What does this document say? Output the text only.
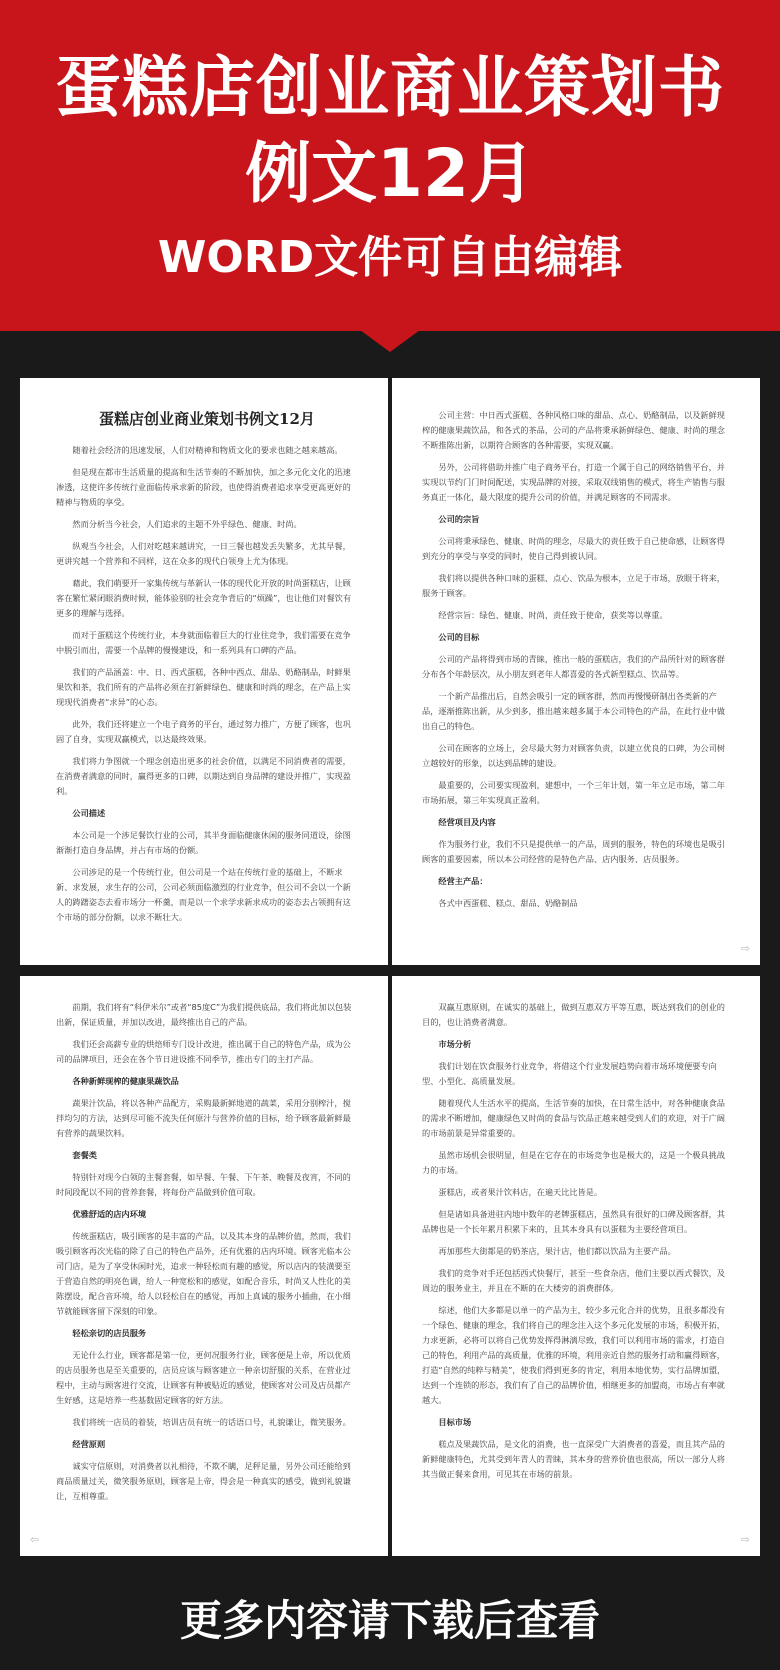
蛋糕店创业商业策划书
例文12月
WORD文件可自由编辑
蛋糕店创业商业策划书例文12月

随着社会经济的迅速发展，人们对精神和物质文化的要求也随之越来越高。

但是现在都市生活质量的提高和生活节奏的不断加快，加之多元化文化的迅速渗透，这使许多传统行业面临传承求新的阶段，也使得消费者追求享受更高更好的精神与物质的享受。

然而分析当今社会，人们追求的主题不外乎绿色、健康、时尚。

纵观当今社会，人们对吃越来越讲究，一日三餐也越发丢失繁多，尤其早餐，更讲究越一个营养和不同样，这在众多的现代白领身上尤为体现。

藉此，我们萌要开一家集传统与革新认一体的现代化开放的时尚蛋糕店，让顾客在繁忙紧闭眼消费时候，能体验别的社会竞争背后的“烦躁”，也让他们对餐饮有更多的理解与选择。

而对于蛋糕这个传统行业，本身就面临着巨大的行业往竞争，我们需要在竞争中脱引而出，需要一个品牌的慢慢建设，和一系列具有口碑的产品。

我们的产品涵盖：中、日、西式蛋糕，各种中西点、甜品、奶酪制品，时鲜果果饮和茶，我们所有的产品将必须在打新鲜绿色、健康和时尚的理念，在产品上实现现代消费者“求异”的心态。

此外，我们还将建立一个电子商务的平台，通过努力推广，方便了顾客，也巩固了自身，实现双赢模式，以达最终效果。

我们将力争图就一个理念创造出更多的社会价值，以满足不同消费者的需要，在消费者满意的同时，赢得更多的口碑，以期达到自身品牌的建设并推广，实现盈利。

公司描述

本公司是一个涉足餐饮行业的公司，其半身面临健康休闲的服务同道设，徐图渐渐打造自身品牌，并占有市场的份额。

公司涉足的是一个传统行业，但公司是一个站在传统行业的基础上，不断求新、求发展，求生存的公司，公司必须面临激烈的行业竞争，但公司不会以一个新人的踌躇姿态去看市场分一杯羹，而是以一个求学求新求成功的姿态去占领拥有这个市场的部分份额，以求不断壮大。

公司主营：中日西式蛋糕、各种风格口味的甜品、点心、奶酪制品，以及新鲜现榨的健康果蔬饮品，和各式的茶品，公司的产品将秉承新鲜绿色、健康、时尚的理念不断推陈出新，以期符合顾客的各种需要，实现双赢。

另外，公司将借助并推广电子商务平台，打造一个属于自己的网络销售平台，并实现以节约门门时间配送，实现品牌的对接，采取双线销售的模式，将生产销售与服务真正一体化，最大限度的提升公司的价值，并满足顾客的不同需求。

公司的宗旨

公司将秉承绿色、健康、时尚的理念，尽最大的责任致于自己使命感，让顾客得到充分的享受与享受的同时，使自己得到被认同。

我们将以提供各种口味的蛋糕、点心、饮品为根本，立足于市场，放眼于将来，服务于顾客。

经营宗旨：绿色、健康、时尚，责任致于使命，获奖等以尊重。

公司的目标

公司的产品将得到市场的青睐，推出一般的蛋糕店，我们的产品所针对的顾客群分布各个年龄层次，从小朋友到老年人都喜爱的各式新型糕点、饮品等。

一个新产品推出后，自然会吸引一定的顾客群，然而再慢慢研制出各类新的产品，逐渐推陈出新，从少到多，推出越来越多属于本公司特色的产品，在此行业中做出自己的特色。

公司在顾客的立场上，会尽最大努力对顾客负责，以建立优良的口碑，为公司树立越较好的形象，以达到品牌的建设。

最重要的，公司要实现盈利，建想中，一个三年计划，第一年立足市场，第二年市场拓展，第三年实现真正盈利。

经营项目及内容

作为服务行业，我们不只是提供单一的产品，周到的服务，特色的环境也是吸引顾客的重要因素，所以本公司经营的是特色产品、店内服务、店员服务。

经营主产品：

各式中西蛋糕、糕点、甜品、奶酪制品

⇨

前期，我们将有“科伊米尔”或者“85度C”为我们提供底品，我们将此加以包装出新，保证质量，并加以改进，最终推出自己的产品。

我们还会高薪专业的烘焙师专门设计改进，推出属于自己的特色产品，成为公司的品牌项目，还会在各个节日进设推不同季节，推出专门的主打产品。

各种新鲜现榨的健康果蔬饮品

蔬果汁饮品，将以各种产品配方，采购最新鲜地道的蔬菜，采用分别榨汁，搅拌均匀的方法，达到尽可能不流失任何原汁与营养价值的目标，给予顾客最新鲜最有营养的蔬果饮料。

套餐类

特别针对现今白领的主餐套餐，如早餐、午餐、下午茶、晚餐及夜宵，不同的时间段配以不同的营养套餐，将每份产品做到价值可取。

优雅舒适的店内环境

传统蛋糕店，吸引顾客的是丰富的产品，以及其本身的品牌价值，然而，我们吸引顾客再次光临的除了自己的特色产品外，还有优雅的店内环境。顾客光临本公司门店，是为了享受休闲时光，追求一种轻松而有趣的感觉，所以店内的装潢要至于营造自然的明亮色调，给人一种宽松和的感觉，如配合音乐，时尚又人性化的美陈摆设，配合音环境，给人以轻松自在的感觉，再加上真诚的服务小插曲，在小细节就能顾客留下深刻的印象。

轻松亲切的店员服务

无论什么行业，顾客都是第一位，更何况服务行业，顾客便是上帝，所以优质的店员服务也是至关重要的，店员应该与顾客建立一种亲切舒服的关系，在营业过程中，主动与顾客进行交流，让顾客有种被贴近的感觉，使顾客对公司及店员都产生好感，这是培养一些基数固定顾客的好方法。

我们将统一店员的着装，培训店员有统一的话语口号，礼貌谦让，微笑服务。

经营原则

诚实守信原则，对消费者以礼相待，不欺不瞒，足秤足量，另外公司还能给到商品质量过关，微笑服务原则，顾客是上帝，得会是一种真实的感受，做到礼貌谦让，互相尊重。

⇦

双赢互惠原则，在诚实的基础上，做到互惠双方平等互惠，既达到我们的创业的目的，也让消费者满意。

市场分析

我们计划在饮食服务行业竞争，将借这个行业发展趋势向着市场环境便要专向型、小型化、高质量发展。

随着现代人生活水平的提高，生活节奏的加快，在日常生活中，对各种健康食品的需求不断增加，健康绿色又时尚的食品与饮品正越来越受到人们的欢迎，对于广阔的市场前景是异常重要的。

虽然市场机会很明显，但是在它存在的市场竞争也是极大的，这是一个极具挑战力的市场。

蛋糕店，或者果汁饮料店，在遍天比比皆是。

但是诸如具备进驻内地中数年的老牌蛋糕店，虽然具有很好的口碑及顾客群，其品牌也是一个长年累月积累下来的，且其本身具有以蛋糕为主要经营项目。

再加那些大街都是的奶茶店，果汁店，他们都以饮品为主要产品。

我们的竞争对手还包括西式快餐厅，甚至一些食杂店，他们主要以西式餐饮，及周边的服务业主，并且在不断的在大楼旁的消费群体。

综述，他们大多都是以单一的产品为主，较少多元化合并的优势，且很多都没有一个绿色、健康的理念，我们将自己的理念注入这个多元化发展的市场，积极开拓，力求更新，必将可以将自己优势发挥得淋漓尽致，我们可以利用市场的需求，打造自己的特色，利用产品的高质量，优雅的环境，利用亲近自然的服务打动和赢得顾客，打造“自然的纯粹与精美”，使我们得到更多的肯定，利用本地优势，实行品牌加盟，达到一个连锁的形态，我们有了自己的品牌价值，相继更多的加盟商，市场占有率就越大。

目标市场

糕点及果蔬饮品，是文化的消费，也一直深受广大消费者的喜爱，而且其产品的新鲜健康特色，尤其受到年青人的青睐，其本身的营养价值也很高，所以一部分人将其当做正餐来食用，可见其在市场的前景。

⇨
更多内容请下载后查看
